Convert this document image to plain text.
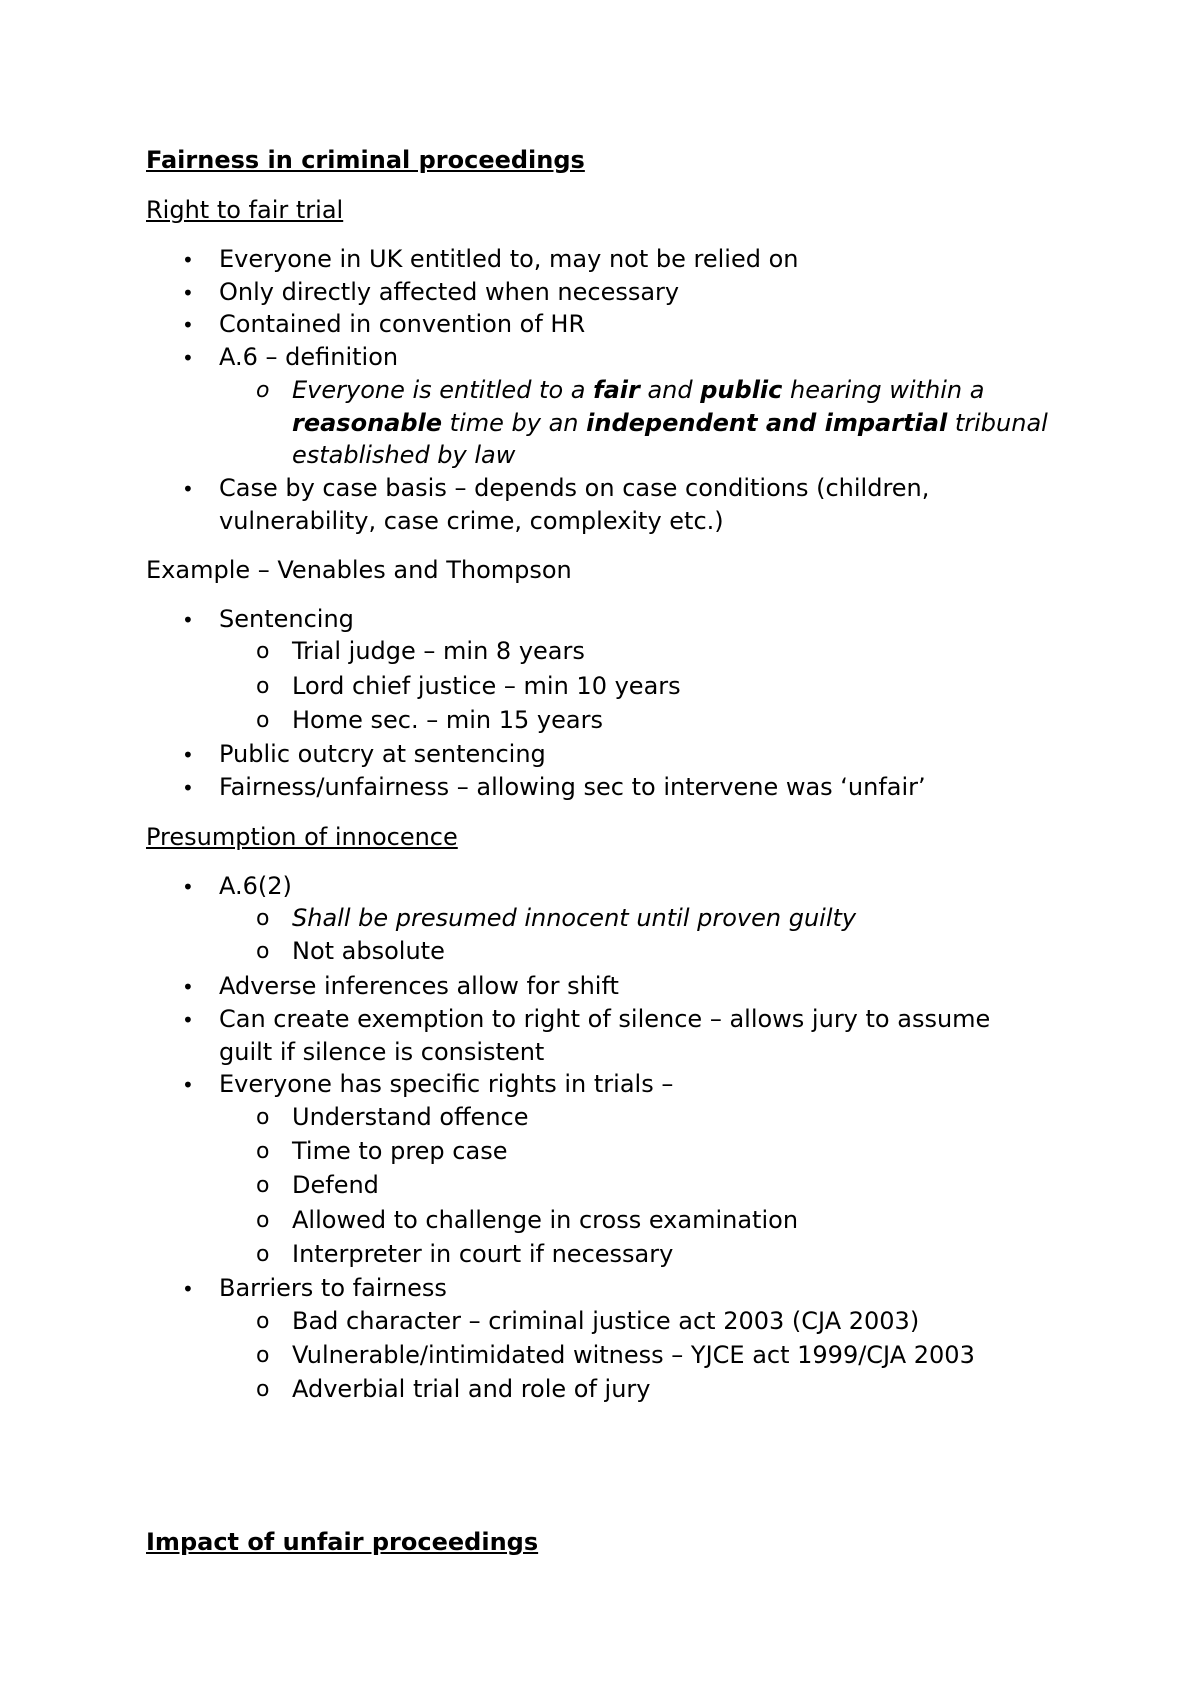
Fairness in criminal proceedings
Right to fair trial
• Everyone in UK entitled to, may not be relied on
• Only directly affected when necessary
• Contained in convention of HR
• A.6 – definition
o Everyone is entitled to a fair and public hearing within a
reasonable time by an independent and impartial tribunal
established by law
• Case by case basis – depends on case conditions (children,
vulnerability, case crime, complexity etc.)
Example – Venables and Thompson
• Sentencing
o Trial judge – min 8 years
o Lord chief justice – min 10 years
o Home sec. – min 15 years
• Public outcry at sentencing
• Fairness/unfairness – allowing sec to intervene was ‘unfair’
Presumption of innocence
• A.6(2)
o Shall be presumed innocent until proven guilty
o Not absolute
• Adverse inferences allow for shift
• Can create exemption to right of silence – allows jury to assume
guilt if silence is consistent
• Everyone has specific rights in trials –
o Understand offence
o Time to prep case
o Defend
o Allowed to challenge in cross examination
o Interpreter in court if necessary
• Barriers to fairness
o Bad character – criminal justice act 2003 (CJA 2003)
o Vulnerable/intimidated witness – YJCE act 1999/CJA 2003
o Adverbial trial and role of jury
Impact of unfair proceedings
